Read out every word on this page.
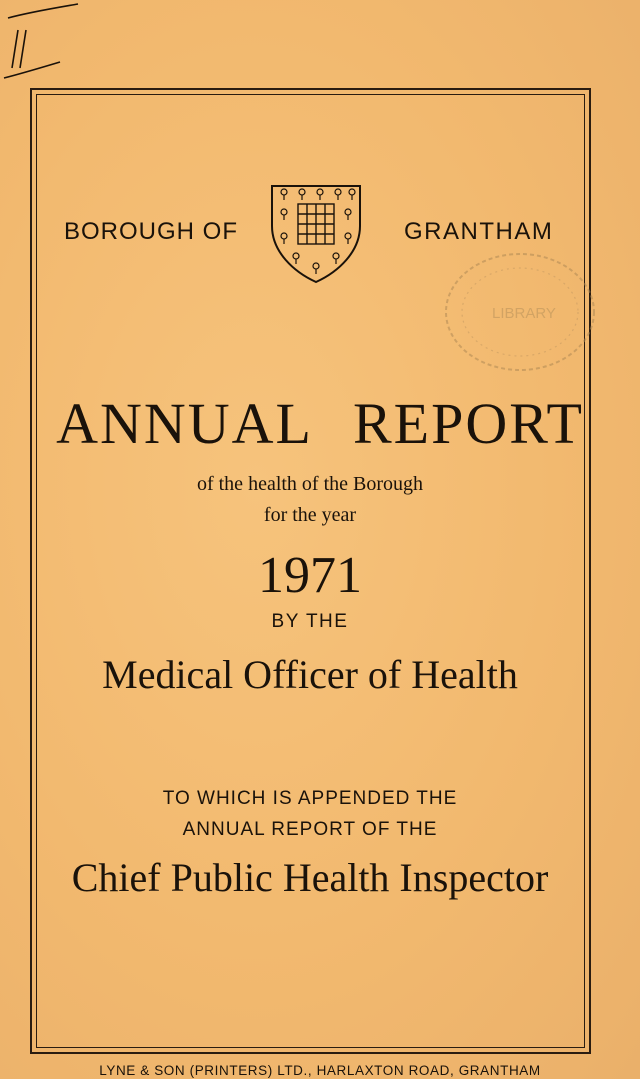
BOROUGH OF	GRANTHAM
LIBRARY
ANNUAL REPORT
of the health of the Borough
for the year
1971
BY THE
Medical Officer of Health
TO WHICH IS APPENDED THE
ANNUAL REPORT OF THE
Chief Public Health Inspector
LYNE & SON (PRINTERS) LTD., HARLAXTON ROAD, GRANTHAM
